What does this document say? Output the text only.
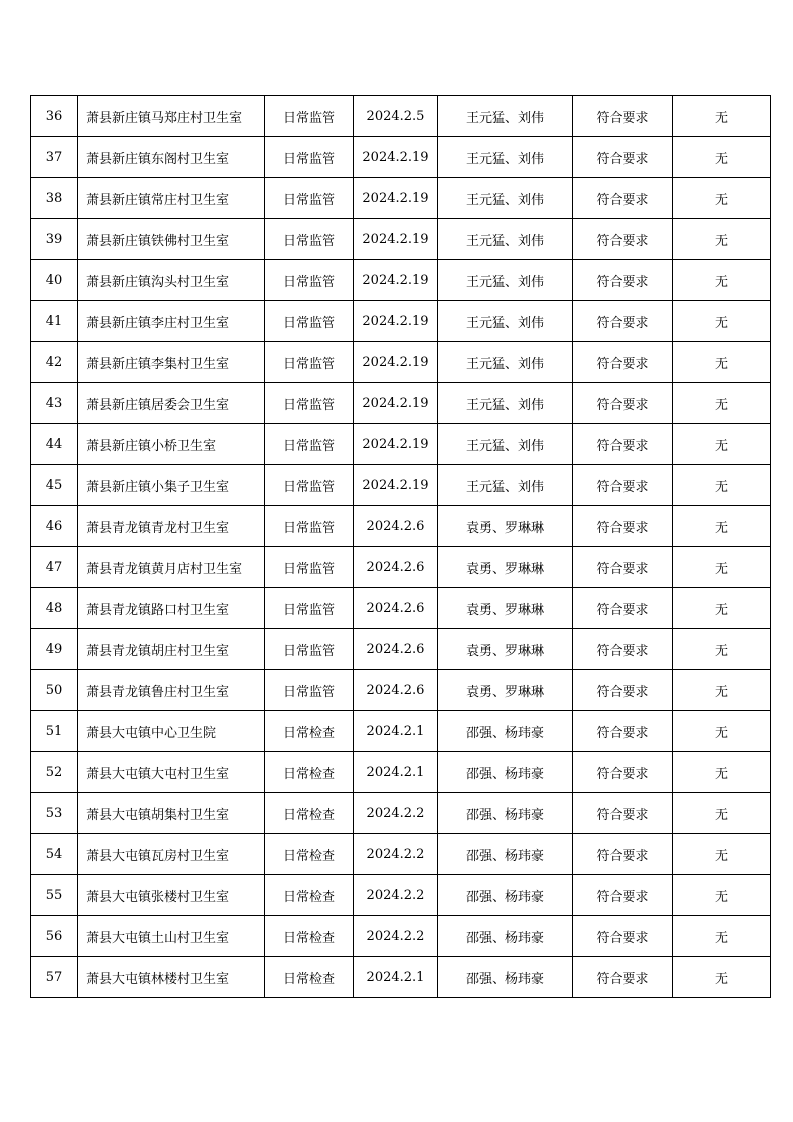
36	萧县新庄镇马郑庄村卫生室	日常监管	2024.2.5	王元猛、刘伟	符合要求	无
37	萧县新庄镇东阁村卫生室	日常监管	2024.2.19	王元猛、刘伟	符合要求	无
38	萧县新庄镇常庄村卫生室	日常监管	2024.2.19	王元猛、刘伟	符合要求	无
39	萧县新庄镇铁佛村卫生室	日常监管	2024.2.19	王元猛、刘伟	符合要求	无
40	萧县新庄镇沟头村卫生室	日常监管	2024.2.19	王元猛、刘伟	符合要求	无
41	萧县新庄镇李庄村卫生室	日常监管	2024.2.19	王元猛、刘伟	符合要求	无
42	萧县新庄镇李集村卫生室	日常监管	2024.2.19	王元猛、刘伟	符合要求	无
43	萧县新庄镇居委会卫生室	日常监管	2024.2.19	王元猛、刘伟	符合要求	无
44	萧县新庄镇小桥卫生室	日常监管	2024.2.19	王元猛、刘伟	符合要求	无
45	萧县新庄镇小集子卫生室	日常监管	2024.2.19	王元猛、刘伟	符合要求	无
46	萧县青龙镇青龙村卫生室	日常监管	2024.2.6	袁勇、罗琳琳	符合要求	无
47	萧县青龙镇黄月店村卫生室	日常监管	2024.2.6	袁勇、罗琳琳	符合要求	无
48	萧县青龙镇路口村卫生室	日常监管	2024.2.6	袁勇、罗琳琳	符合要求	无
49	萧县青龙镇胡庄村卫生室	日常监管	2024.2.6	袁勇、罗琳琳	符合要求	无
50	萧县青龙镇鲁庄村卫生室	日常监管	2024.2.6	袁勇、罗琳琳	符合要求	无
51	萧县大屯镇中心卫生院	日常检查	2024.2.1	邵强、杨玮豪	符合要求	无
52	萧县大屯镇大屯村卫生室	日常检查	2024.2.1	邵强、杨玮豪	符合要求	无
53	萧县大屯镇胡集村卫生室	日常检查	2024.2.2	邵强、杨玮豪	符合要求	无
54	萧县大屯镇瓦房村卫生室	日常检查	2024.2.2	邵强、杨玮豪	符合要求	无
55	萧县大屯镇张楼村卫生室	日常检查	2024.2.2	邵强、杨玮豪	符合要求	无
56	萧县大屯镇土山村卫生室	日常检查	2024.2.2	邵强、杨玮豪	符合要求	无
57	萧县大屯镇林楼村卫生室	日常检查	2024.2.1	邵强、杨玮豪	符合要求	无
